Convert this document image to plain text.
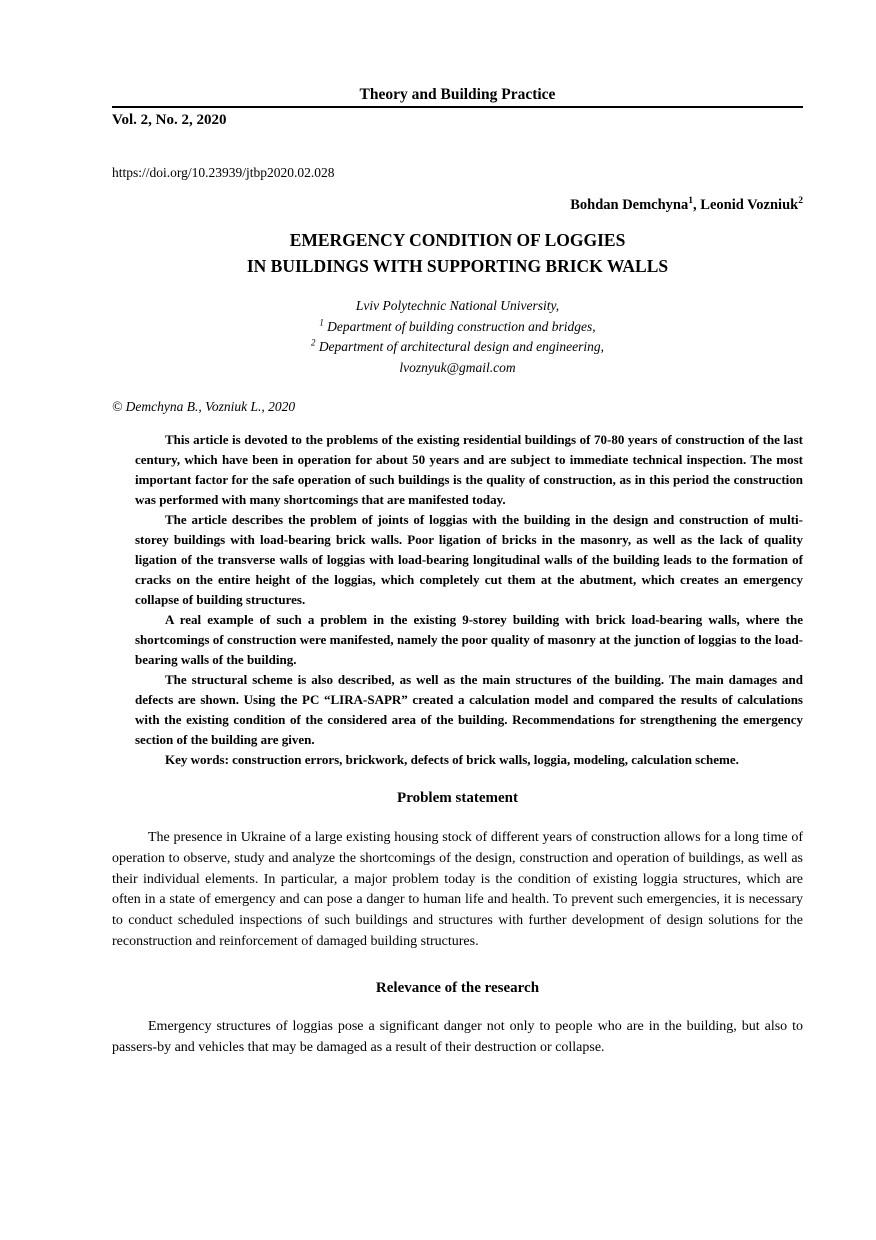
Theory and Building Practice
Vol. 2, No. 2, 2020
https://doi.org/10.23939/jtbp2020.02.028
Bohdan Demchyna$^1$, Leonid Vozniuk$^2$
EMERGENCY CONDITION OF LOGGIES
IN BUILDINGS WITH SUPPORTING BRICK WALLS
Lviv Polytechnic National University,
$^1$ Department of building construction and bridges,
$^2$ Department of architectural design and engineering,
lvoznyuk@gmail.com
© Demchyna B., Vozniuk L., 2020

This article is devoted to the problems of the existing residential buildings of 70-80 years of construction of the last century, which have been in operation for about 50 years and are subject to immediate technical inspection. The most important factor for the safe operation of such buildings is the quality of construction, as in this period the construction was performed with many shortcomings that are manifested today.

The article describes the problem of joints of loggias with the building in the design and construction of multi-storey buildings with load-bearing brick walls. Poor ligation of bricks in the masonry, as well as the lack of quality ligation of the transverse walls of loggias with load-bearing longitudinal walls of the building leads to the formation of cracks on the entire height of the loggias, which completely cut them at the abutment, which creates an emergency collapse of building structures.

A real example of such a problem in the existing 9-storey building with brick load-bearing walls, where the shortcomings of construction were manifested, namely the poor quality of masonry at the junction of loggias to the load-bearing walls of the building.

The structural scheme is also described, as well as the main structures of the building. The main damages and defects are shown. Using the PC “LIRA-SAPR” created a calculation model and compared the results of calculations with the existing condition of the considered area of the building. Recommendations for strengthening the emergency section of the building are given.

Key words: construction errors, brickwork, defects of brick walls, loggia, modeling, calculation scheme.

Problem statement

The presence in Ukraine of a large existing housing stock of different years of construction allows for a long time of operation to observe, study and analyze the shortcomings of the design, construction and operation of buildings, as well as their individual elements. In particular, a major problem today is the condition of existing loggia structures, which are often in a state of emergency and can pose a danger to human life and health. To prevent such emergencies, it is necessary to conduct scheduled inspections of such buildings and structures with further development of design solutions for the reconstruction and reinforcement of damaged building structures.

Relevance of the research

Emergency structures of loggias pose a significant danger not only to people who are in the building, but also to passers-by and vehicles that may be damaged as a result of their destruction or collapse.
